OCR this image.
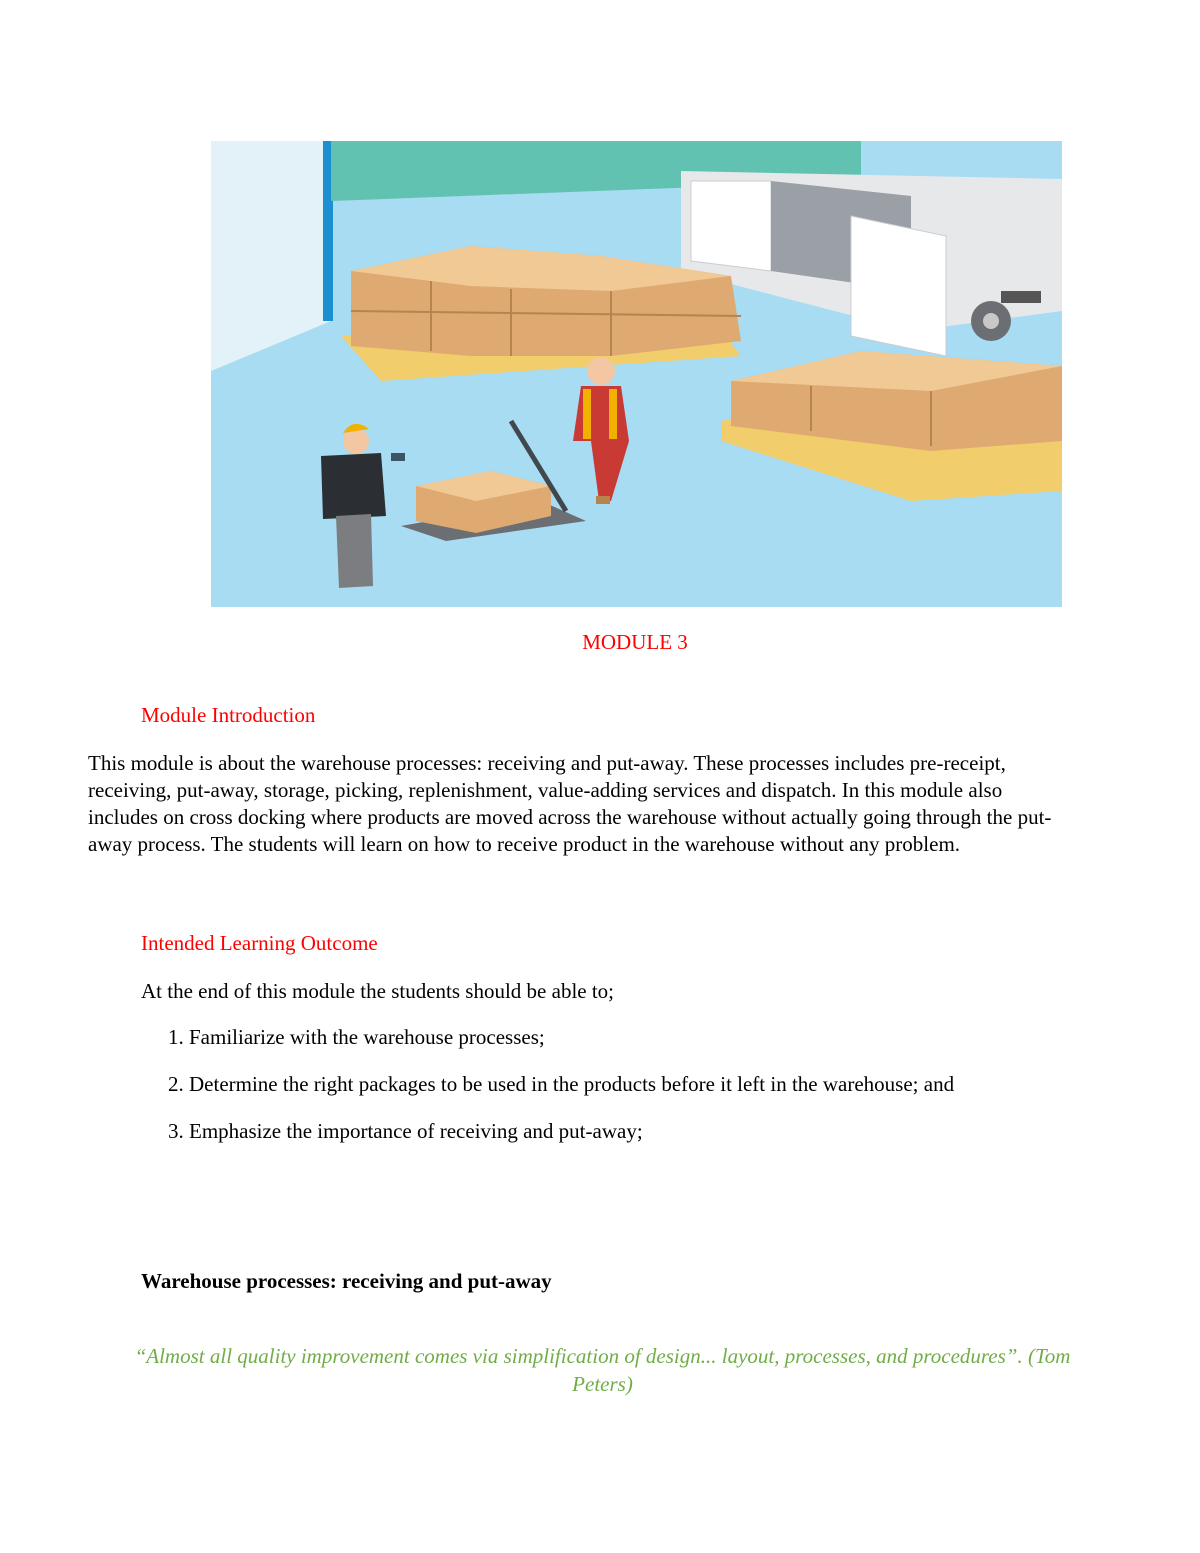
MODULE 3
Module Introduction
This module is about the warehouse processes: receiving and put-away. These processes includes pre-receipt, receiving, put-away, storage, picking, replenishment, value-adding services and dispatch. In this module also includes on cross docking where products are moved across the warehouse without actually going through the put-away process. The students will learn on how to receive product in the warehouse without any problem.
Intended Learning Outcome
At the end of this module the students should be able to;
1. Familiarize with the warehouse processes;
2. Determine the right packages to be used in the products before it left in the warehouse; and
3. Emphasize the importance of receiving and put-away;
Warehouse processes: receiving and put-away
“Almost all quality improvement comes via simplification of design... layout, processes, and procedures”. (Tom Peters)
